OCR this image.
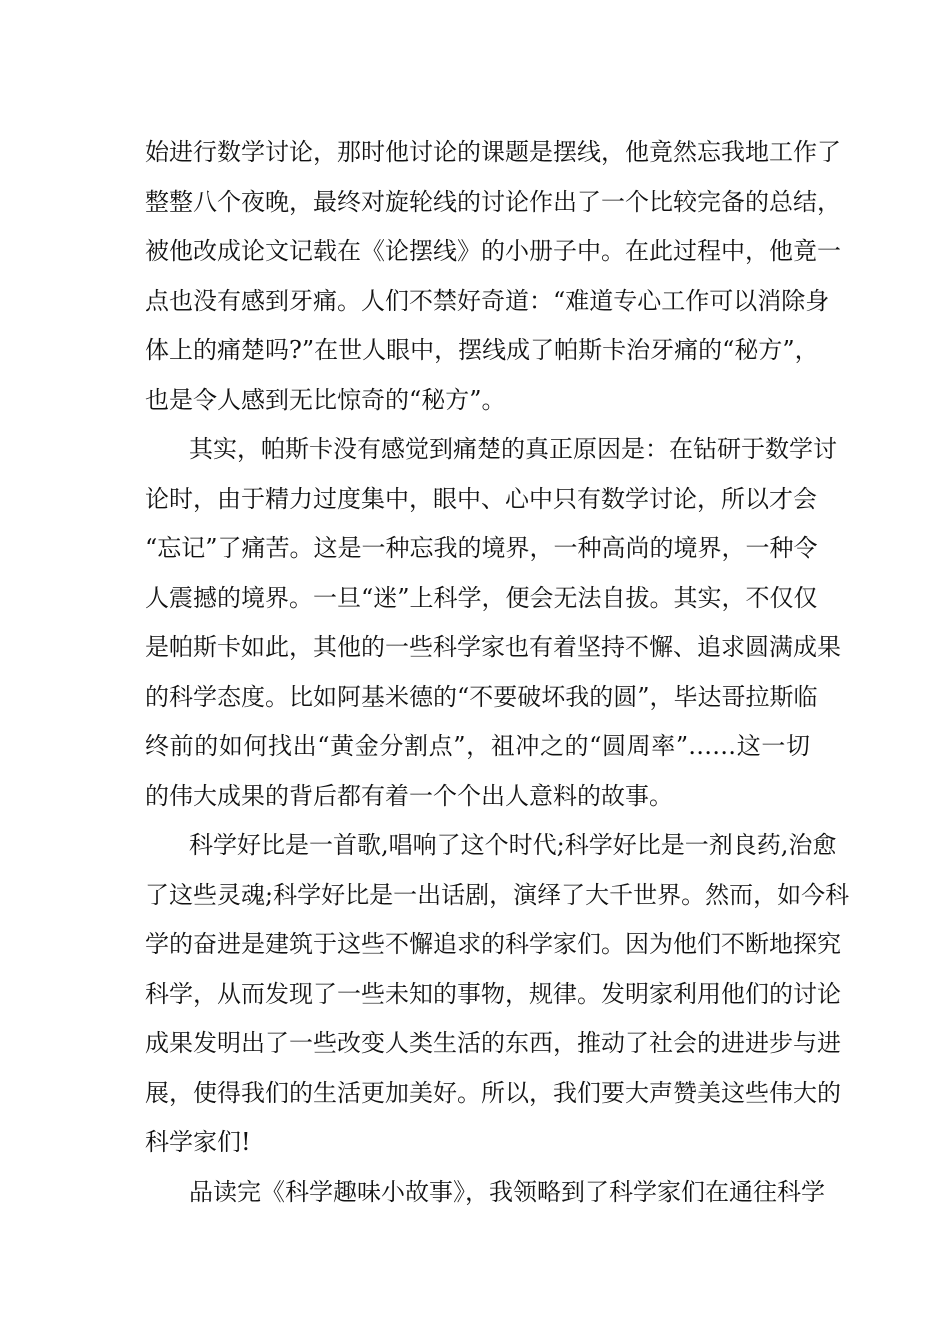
始进行数学讨论，那时他讨论的课题是摆线，他竟然忘我地工作了
整整八个夜晚，最终对旋轮线的讨论作出了一个比较完备的总结，
被他改成论文记载在《论摆线》的小册子中。在此过程中，他竟一
点也没有感到牙痛。人们不禁好奇道：“难道专心工作可以消除身
体上的痛楚吗?”在世人眼中，摆线成了帕斯卡治牙痛的“秘方”，
也是令人感到无比惊奇的“秘方”。
其实，帕斯卡没有感觉到痛楚的真正原因是：在钻研于数学讨
论时，由于精力过度集中，眼中、心中只有数学讨论，所以才会
“忘记”了痛苦。这是一种忘我的境界，一种高尚的境界，一种令
人震撼的境界。一旦“迷”上科学，便会无法自拔。其实，不仅仅
是帕斯卡如此，其他的一些科学家也有着坚持不懈、追求圆满成果
的科学态度。比如阿基米德的“不要破坏我的圆”，毕达哥拉斯临
终前的如何找出“黄金分割点”，祖冲之的“圆周率”……这一切
的伟大成果的背后都有着一个个出人意料的故事。
科学好比是一首歌,唱响了这个时代;科学好比是一剂良药,治愈
了这些灵魂;科学好比是一出话剧，演绎了大千世界。然而，如今科
学的奋进是建筑于这些不懈追求的科学家们。因为他们不断地探究
科学，从而发现了一些未知的事物，规律。发明家利用他们的讨论
成果发明出了一些改变人类生活的东西，推动了社会的进进步与进
展，使得我们的生活更加美好。所以，我们要大声赞美这些伟大的
科学家们!
品读完《科学趣味小故事》，我领略到了科学家们在通往科学
